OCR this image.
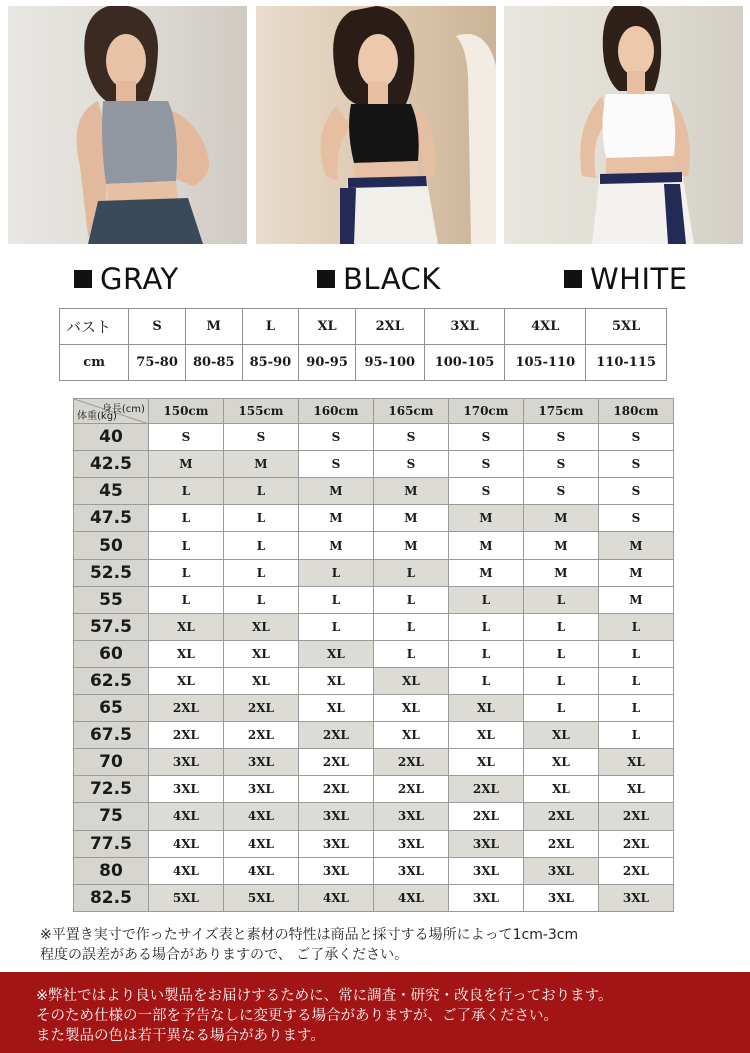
GRAY	BLACK	WHITE
バスト	S	M	L	XL	2XL	3XL	4XL	5XL
cm	75-80	80-85	85-90	90-95	95-100	100-105	105-110	110-115
身長(cm)
体重(kg)	150cm	155cm	160cm	165cm	170cm	175cm	180cm
40	S	S	S	S	S	S	S
42.5	M	M	S	S	S	S	S
45	L	L	M	M	S	S	S
47.5	L	L	M	M	M	M	S
50	L	L	M	M	M	M	M
52.5	L	L	L	L	M	M	M
55	L	L	L	L	L	L	M
57.5	XL	XL	L	L	L	L	L
60	XL	XL	XL	L	L	L	L
62.5	XL	XL	XL	XL	L	L	L
65	2XL	2XL	XL	XL	XL	L	L
67.5	2XL	2XL	2XL	XL	XL	XL	L
70	3XL	3XL	2XL	2XL	XL	XL	XL
72.5	3XL	3XL	2XL	2XL	2XL	XL	XL
75	4XL	4XL	3XL	3XL	2XL	2XL	2XL
77.5	4XL	4XL	3XL	3XL	3XL	2XL	2XL
80	4XL	4XL	3XL	3XL	3XL	3XL	2XL
82.5	5XL	5XL	4XL	4XL	3XL	3XL	3XL
※平置き実寸で作ったサイズ表と素材の特性は商品と採寸する場所によって1cm-3cm
程度の誤差がある場合がありますので、 ご了承ください。
※弊社ではより良い製品をお届けするために、常に調査・研究・改良を行っております。
そのため仕様の一部を予告なしに変更する場合がありますが、ご了承ください。
また製品の色は若干異なる場合があります。
